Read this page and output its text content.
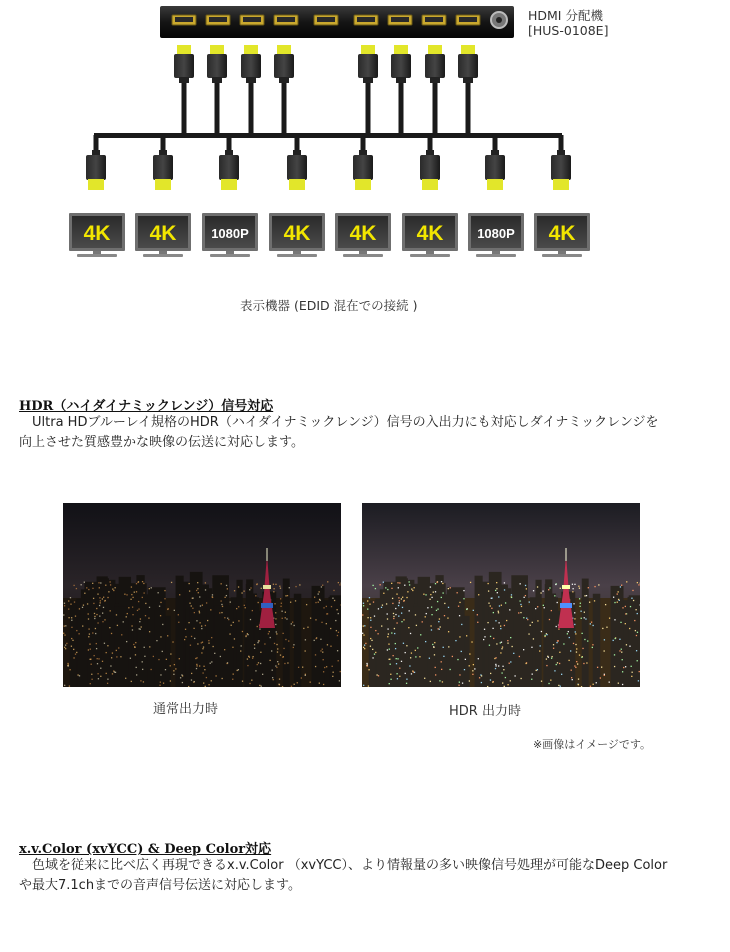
4K 4K	1080P 4K 4K 4K	1080P 4K
HDMI 分配機
[HUS-0108E]
表示機器 (EDID 混在での接続 )
HDR（ハイダイナミックレンジ）信号対応
Ultra HDブルーレイ規格のHDR（ハイダイナミックレンジ）信号の入出力にも対応しダイナミックレンジを向上させた質感豊かな映像の伝送に対応します。
通常出力時	HDR 出力時
※画像はイメージです。
x.v.Color (xvYCC) & Deep Color対応
色域を従来に比べ広く再現できるx.v.Color （xvYCC）、より情報量の多い映像信号処理が可能なDeep Colorや最大7.1chまでの音声信号伝送に対応します。
